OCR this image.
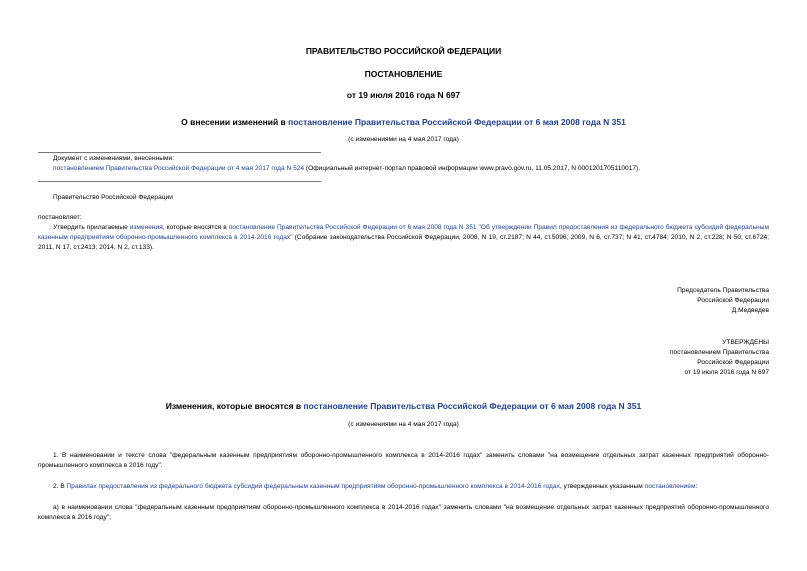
ПРАВИТЕЛЬСТВО РОССИЙСКОЙ ФЕДЕРАЦИИ
ПОСТАНОВЛЕНИЕ
от 19 июля 2016 года N 697
О внесении изменений в постановление Правительства Российской Федерации от 6 мая 2008 года N 351
(с изменениями на 4 мая 2017 года)

Документ с изменениями, внесенными:

постановлением Правительства Российской Федерации от 4 мая 2017 года N 524 (Официальный интернет-портал правовой информации www.pravo.gov.ru, 11.05.2017, N 0001201705110017).

Правительство Российской Федерации
постановляет:
Утвердить прилагаемые изменения, которые вносятся в постановление Правительства Российской Федерации от 6 мая 2008 года N 351 "Об утверждении Правил предоставления из федерального бюджета субсидий федеральным казенным предприятиям оборонно-промышленного комплекса в 2014-2016 годах" (Собрание законодательства Российской Федерации, 2008, N 19, ст.2187; N 44, ст.5096; 2009, N 6, ст.737; N 41, ст.4784; 2010, N 2, ст.228; N 50, ст.6724; 2011, N 17, ст.2413; 2014, N 2, ст.133).

Председатель Правительства

Российской Федерации

Д.Медведев

УТВЕРЖДЕНЫ

постановлением Правительства

Российской Федерации

от 19 июля 2016 года N 697

Изменения, которые вносятся в постановление Правительства Российской Федерации от 6 мая 2008 года N 351
(с изменениями на 4 мая 2017 года)
1. В наименовании и тексте слова "федеральным казенным предприятиям оборонно-промышленного комплекса в 2014-2016 годах" заменить словами "на возмещение отдельных затрат казенных предприятий оборонно-промышленного комплекса в 2016 году".
2. В Правилах предоставления из федерального бюджета субсидий федеральным казенным предприятиям оборонно-промышленного комплекса в 2014-2016 годах, утвержденных указанным постановлением:
а) в наименовании слова "федеральным казенным предприятиям оборонно-промышленного комплекса в 2014-2016 годах" заменить словами "на возмещение отдельных затрат казенных предприятий оборонно-промышленного комплекса в 2016 году";
